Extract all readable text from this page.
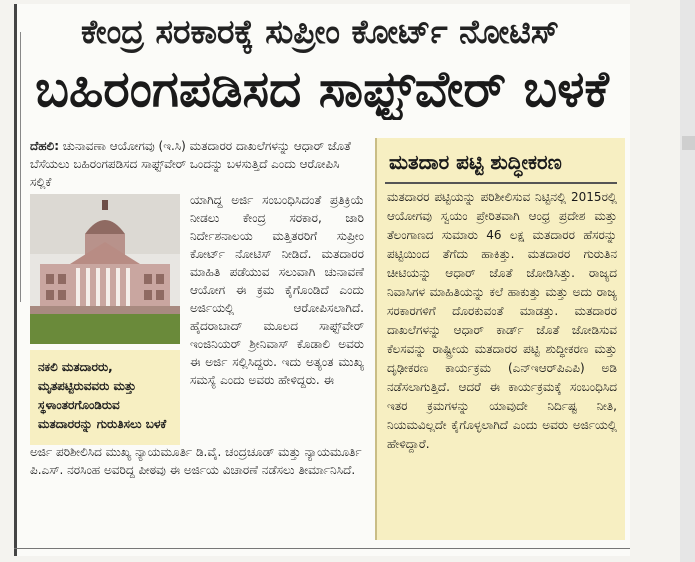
ಕೇಂದ್ರ ಸರಕಾರಕ್ಕೆ ಸುಪ್ರೀಂ ಕೋರ್ಟ್ ನೋಟಿಸ್
ಬಹಿರಂಗಪಡಿಸದ ಸಾಫ್ಟ್‌ವೇರ್ ಬಳಕೆ
ದೆಹಲಿ: ಚುನಾವಣಾ ಆಯೋಗವು (ಇ.ಸಿ) ಮತದಾರರ ದಾಖಲೆಗಳನ್ನು ಆಧಾರ್ ಜೊತೆ ಬೆಸೆಯಲು ಬಹಿರಂಗಪಡಿಸದ ಸಾಫ್ಟ್‌ವೇರ್ ಒಂದನ್ನು ಬಳಸುತ್ತಿದೆ ಎಂದು ಆರೋಪಿಸಿ ಸಲ್ಲಿಕೆ
ಯಾಗಿದ್ದ ಅರ್ಜಿ ಸಂಬಂಧಿಸಿದಂತೆ ಪ್ರತಿಕ್ರಿಯೆ ನೀಡಲು ಕೇಂದ್ರ ಸರಕಾರ, ಜಾರಿ ನಿರ್ದೇಶನಾಲಯ ಮತ್ತಿತರರಿಗೆ ಸುಪ್ರೀಂ ಕೋರ್ಟ್ ನೋಟಿಸ್ ನೀಡಿದೆ. ಮತದಾರರ ಮಾಹಿತಿ ಪಡೆಯುವ ಸಲುವಾಗಿ ಚುನಾವಣೆ ಆಯೋಗ ಈ ಕ್ರಮ ಕೈಗೊಂಡಿದೆ ಎಂದು ಅರ್ಜಿಯಲ್ಲಿ ಆರೋಪಿಸಲಾಗಿದೆ. ಹೈದರಾಬಾದ್ ಮೂಲದ ಸಾಫ್ಟ್‌ವೇರ್ ಇಂಜಿನಿಯರ್ ಶ್ರೀನಿವಾಸ್ ಕೊಡಾಲಿ ಅವರು ಈ ಅರ್ಜಿ ಸಲ್ಲಿಸಿದ್ದರು. ಇದು ಅತ್ಯಂತ ಮುಖ್ಯ ಸಮಸ್ಯೆ ಎಂದು ಅವರು ಹೇಳಿದ್ದರು. ಈ
ನಕಲಿ ಮತದಾರರು, ಮೃತಪಟ್ಟಿರುವವರು ಮತ್ತು ಸ್ಥಳಾಂತರಗೊಂಡಿರುವ ಮತದಾರರನ್ನು ಗುರುತಿಸಲು ಬಳಕೆ
ಅರ್ಜಿ ಪರಿಶೀಲಿಸಿದ ಮುಖ್ಯ ನ್ಯಾಯಮೂರ್ತಿ ಡಿ.ವೈ. ಚಂದ್ರಚೂಡ್ ಮತ್ತು ನ್ಯಾಯಮೂರ್ತಿ ಪಿ.ಎಸ್. ನರಸಿಂಹ ಅವರಿದ್ದ ಪೀಠವು ಈ ಅರ್ಜಿಯ ವಿಚಾರಣೆ ನಡೆಸಲು ತೀರ್ಮಾನಿಸಿದೆ.
ಮತದಾರ ಪಟ್ಟಿ ಶುದ್ಧೀಕರಣ
ಮತದಾರರ ಪಟ್ಟಿಯನ್ನು ಪರಿಶೀಲಿಸುವ ನಿಟ್ಟಿನಲ್ಲಿ 2015ರಲ್ಲಿ ಆಯೋಗವು ಸ್ವಯಂ ಪ್ರೇರಿತವಾಗಿ ಆಂಧ್ರ ಪ್ರದೇಶ ಮತ್ತು ತೆಲಂಗಾಣದ ಸುಮಾರು 46 ಲಕ್ಷ ಮತದಾರರ ಹೆಸರನ್ನು ಪಟ್ಟಿಯಿಂದ ತೆಗೆದು ಹಾಕಿತ್ತು. ಮತದಾರರ ಗುರುತಿನ ಚೀಟಿಯನ್ನು ಆಧಾರ್ ಜೊತೆ ಜೋಡಿಸಿತ್ತು. ರಾಜ್ಯದ ನಿವಾಸಿಗಳ ಮಾಹಿತಿಯನ್ನು ಕಲೆ ಹಾಕುತ್ತು ಮತ್ತು ಅದು ರಾಜ್ಯ ಸರಕಾರಗಳಿಗೆ ದೊರಕುವಂತೆ ಮಾಡತ್ತು. ಮತದಾರರ ದಾಖಲೆಗಳನ್ನು ಆಧಾರ್ ಕಾರ್ಡ್ ಜೊತೆ ಜೋಡಿಸುವ ಕೆಲಸವನ್ನು ರಾಷ್ಟ್ರೀಯ ಮತದಾರರ ಪಟ್ಟಿ ಶುದ್ಧೀಕರಣ ಮತ್ತು ದೃಢೀಕರಣ ಕಾರ್ಯಕ್ರಮ (ಎನ್‌ಇಆರ್‌ಪಿಎಪಿ) ಅಡಿ ನಡೆಸಲಾಗುತ್ತಿದೆ. ಆದರೆ ಈ ಕಾರ್ಯಕ್ರಮಕ್ಕೆ ಸಂಬಂಧಿಸಿದ ಇತರ ಕ್ರಮಗಳನ್ನು ಯಾವುದೇ ನಿರ್ದಿಷ್ಟ ನೀತಿ, ನಿಯಮವಿಲ್ಲದೇ ಕೈಗೊಳ್ಳಲಾಗಿದೆ ಎಂದು ಅವರು ಅರ್ಜಿಯಲ್ಲಿ ಹೇಳಿದ್ದಾರೆ.
